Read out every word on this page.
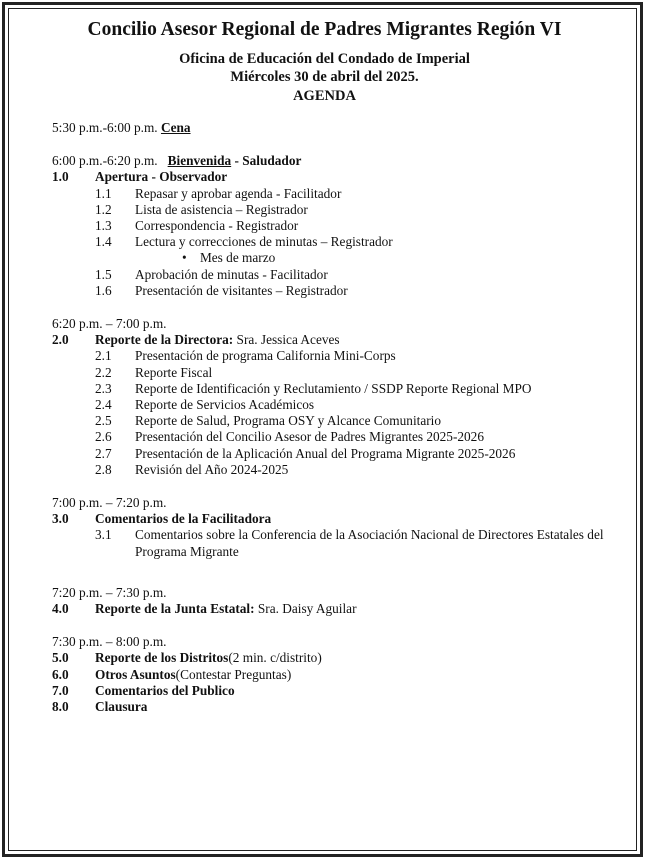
Concilio Asesor Regional de Padres Migrantes Región VI
Oficina de Educación del Condado de Imperial
Miércoles 30 de abril del 2025.
AGENDA
5:30 p.m.-6:00 p.m.
Cena
6:00 p.m.-6:20 p.m.
Bienvenida
- Saludador
1.0	Apertura - Observador
1.1	Repasar y aprobar agenda - Facilitador
1.2	Lista de asistencia – Registrador
1.3	Correspondencia - Registrador
1.4	Lectura y correcciones de minutas – Registrador
• Mes de marzo
1.5	Aprobación de minutas - Facilitador
1.6	Presentación de visitantes – Registrador
6:20 p.m. – 7:00 p.m.
2.0	Reporte de la Directora:
Sra. Jessica Aceves
2.1	Presentación de programa California Mini-Corps
2.2	Reporte Fiscal
2.3	Reporte de Identificación y Reclutamiento / SSDP Reporte Regional MPO
2.4	Reporte de Servicios Académicos
2.5	Reporte de Salud, Programa OSY y Alcance Comunitario
2.6	Presentación del Concilio Asesor de Padres Migrantes 2025-2026
2.7	Presentación de la Aplicación Anual del Programa Migrante 2025-2026
2.8	Revisión del Año 2024-2025
7:00 p.m. – 7:20 p.m.
3.0	Comentarios de la Facilitadora
3.1	Comentarios sobre la Conferencia de la Asociación Nacional de Directores Estatales del Programa Migrante
7:20 p.m. – 7:30 p.m.
4.0	Reporte de la Junta Estatal:
Sra. Daisy Aguilar
7:30 p.m. – 8:00 p.m.
5.0	Reporte de los Distritos (2 min. c/distrito)
6.0	Otros Asuntos (Contestar Preguntas)
7.0	Comentarios del Publico
8.0	Clausura
